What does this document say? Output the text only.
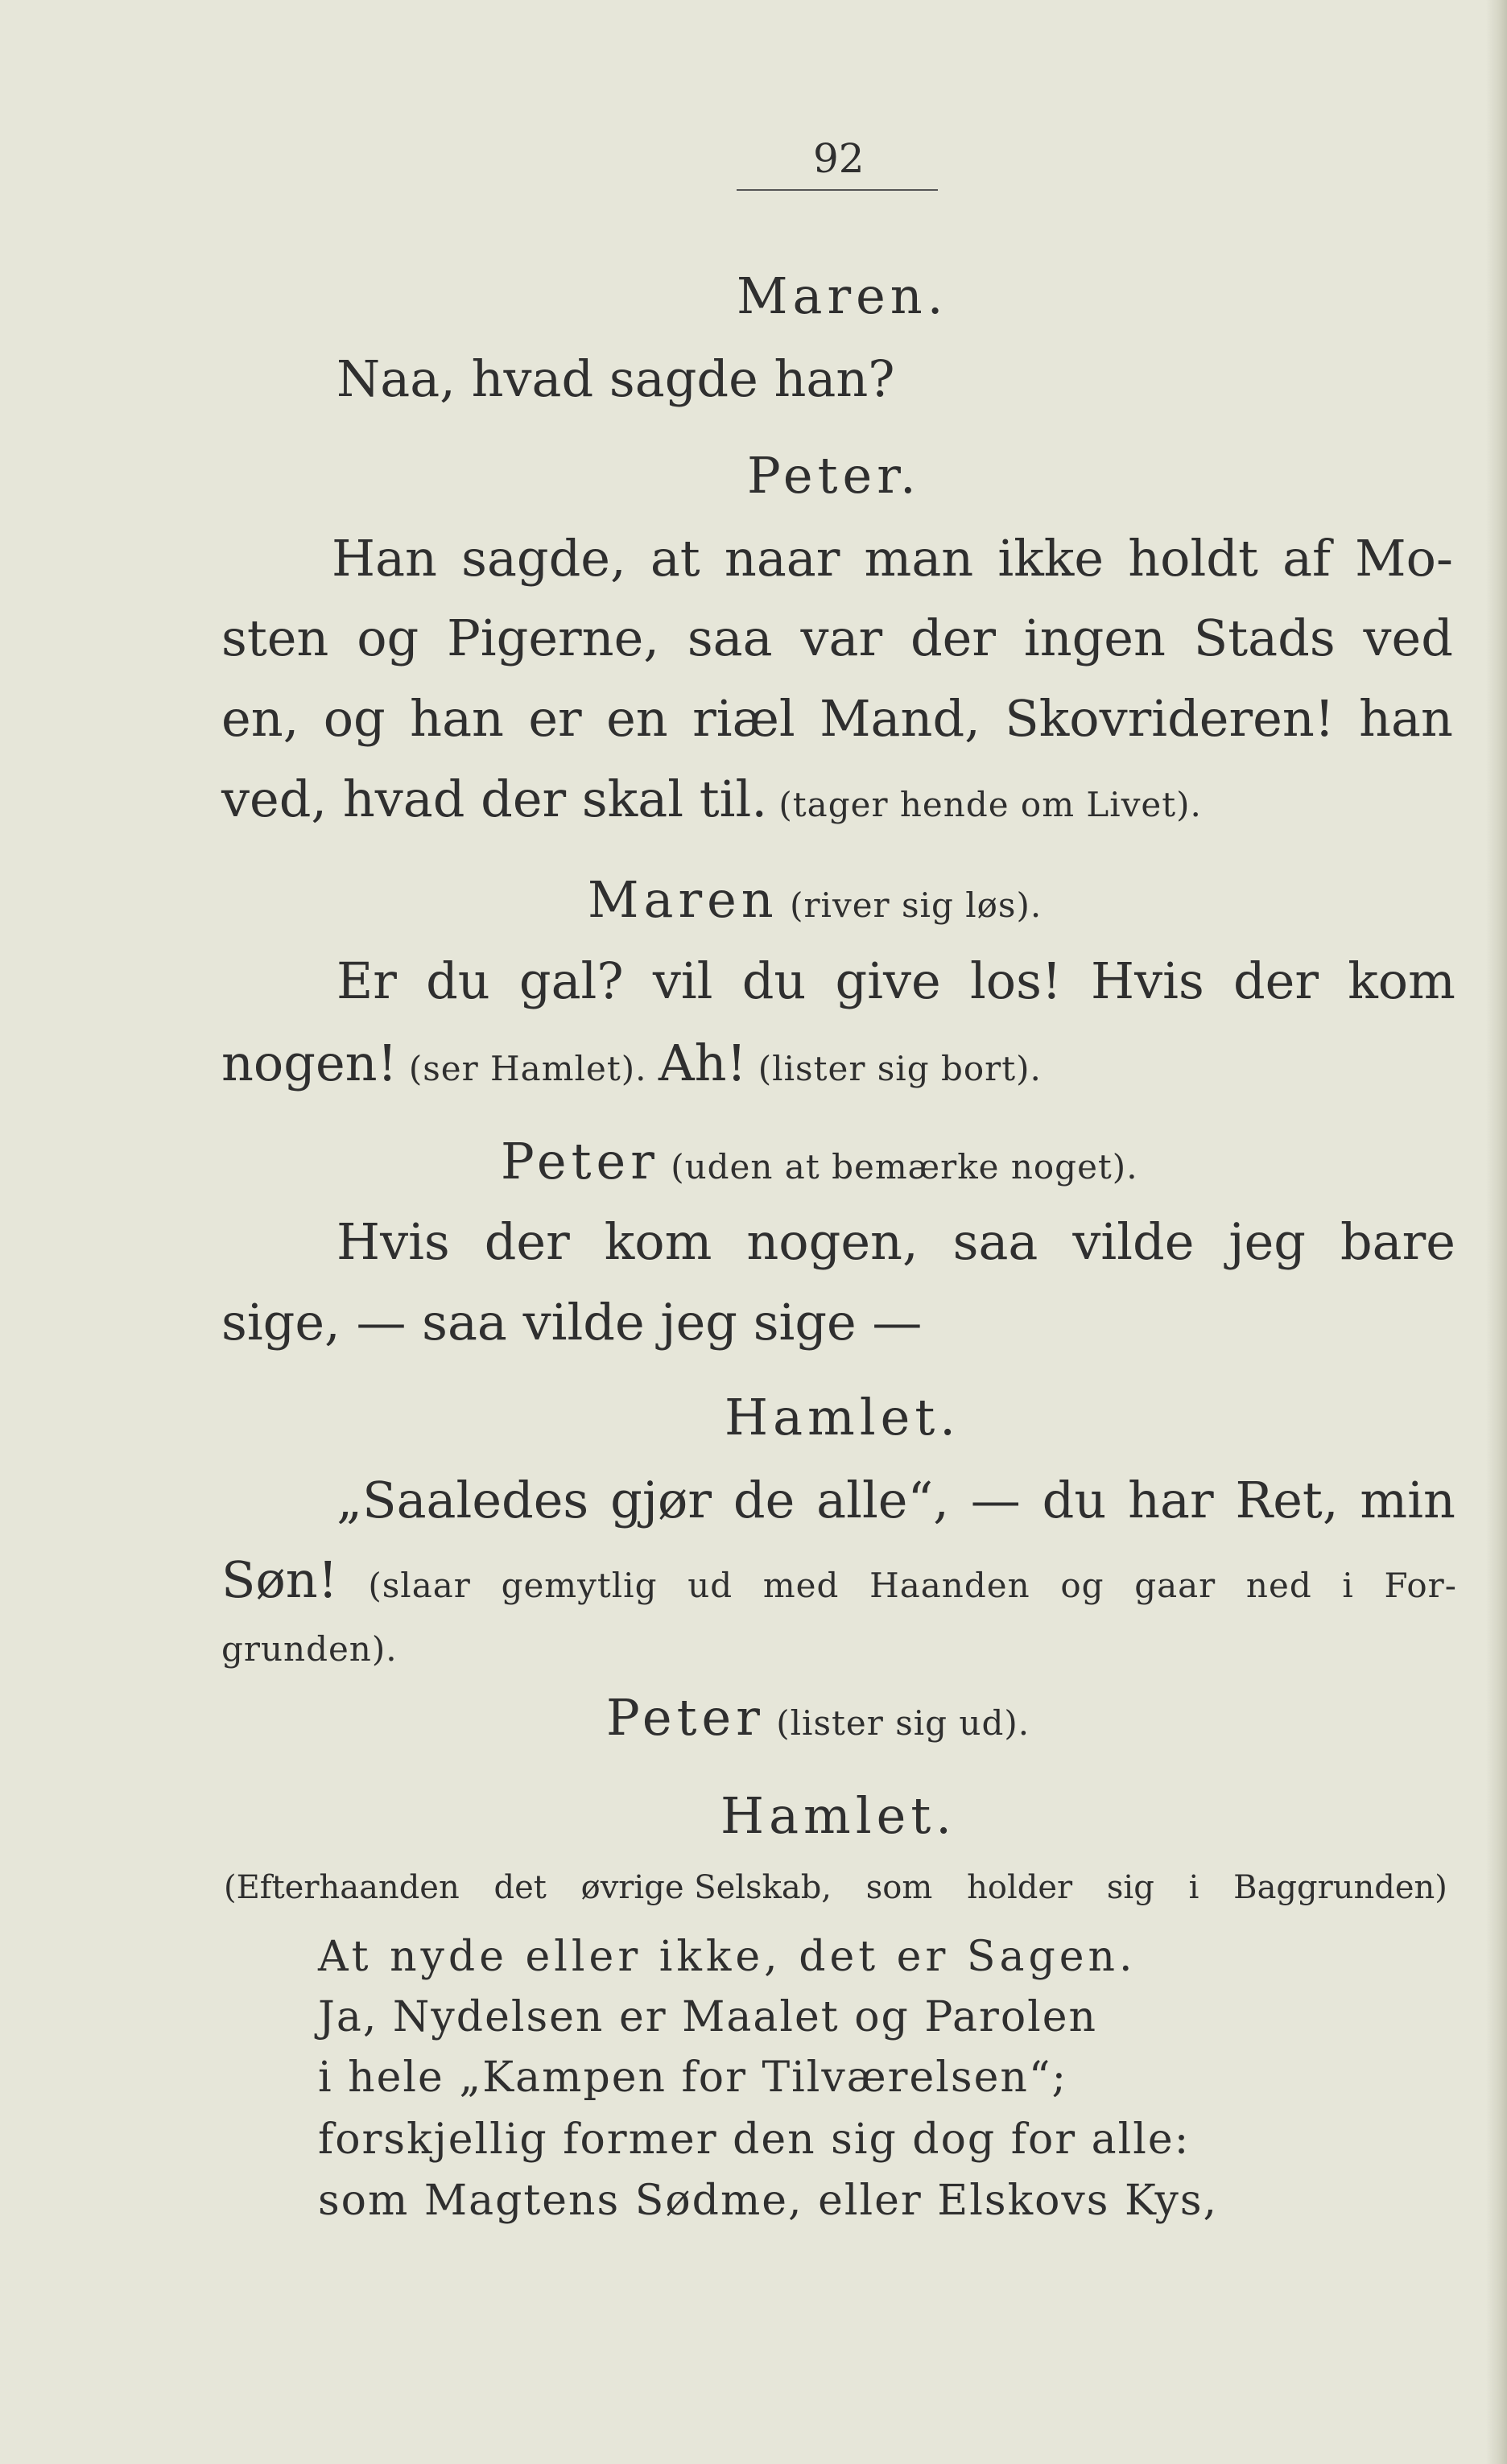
92
Maren.
Naa, hvad sagde han?
Peter.
Han sagde, at naar man ikke holdt af Mo-
sten og Pigerne, saa var der ingen Stads ved
en, og han er en riæl Mand, Skovrideren! han
ved, hvad der skal til. (tager hende om Livet).
Maren (river sig løs).
Er du gal? vil du give los! Hvis der kom
nogen! (ser Hamlet). Ah! (lister sig bort).
Peter (uden at bemærke noget).
Hvis der kom nogen, saa vilde jeg bare
sige, — saa vilde jeg sige —
Hamlet.
„Saaledes gjør de alle“, — du har Ret, min
Søn! (slaar gemytlig ud med Haanden og gaar ned i For-
grunden).
Peter (lister sig ud).
Hamlet.
(Efterhaanden det øvrige Selskab, som holder sig i Baggrunden)
At nyde eller ikke, det er Sagen.
Ja, Nydelsen er Maalet og Parolen
i hele „Kampen for Tilværelsen“;
forskjellig former den sig dog for alle:
som Magtens Sødme, eller Elskovs Kys,
